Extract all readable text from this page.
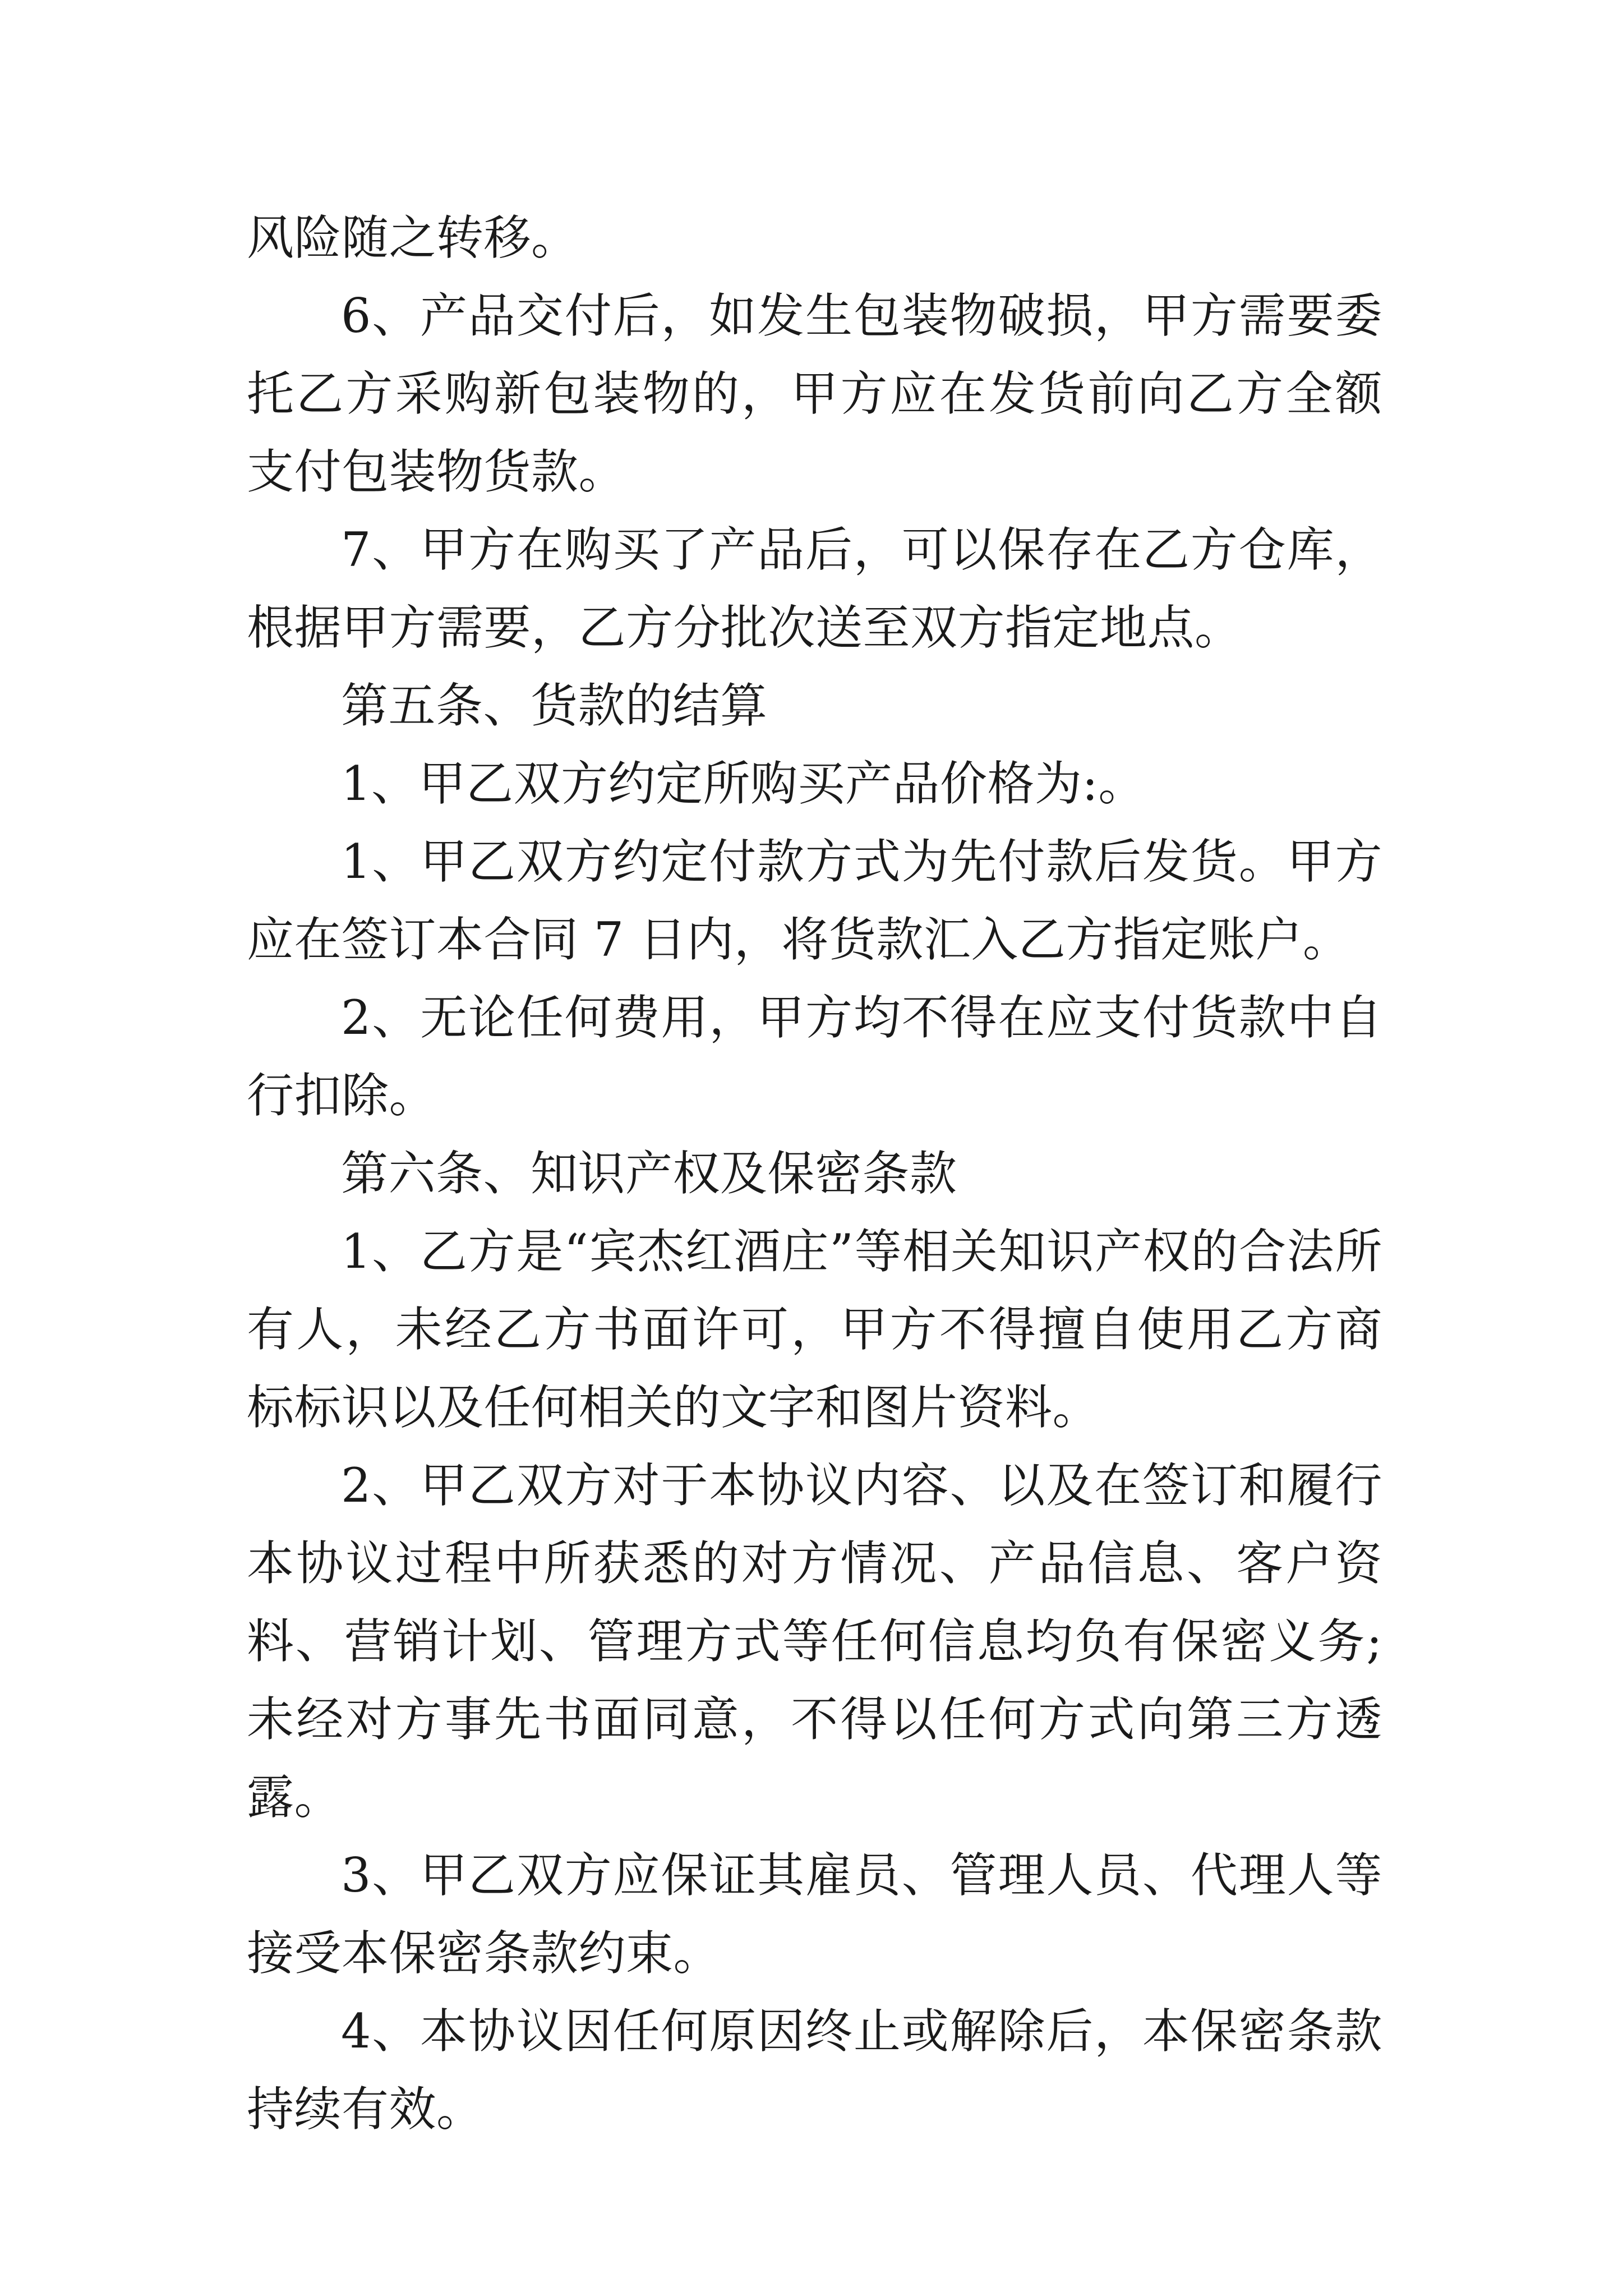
风险随之转移。

6、产品交付后，如发生包装物破损，甲方需要委托乙方采购新包装物的，甲方应在发货前向乙方全额支付包装物货款。

7、甲方在购买了产品后，可以保存在乙方仓库，根据甲方需要，乙方分批次送至双方指定地点。

第五条、货款的结算

1、甲乙双方约定所购买产品价格为:。

1、甲乙双方约定付款方式为先付款后发货。甲方应在签订本合同 7 日内，将货款汇入乙方指定账户。

2、无论任何费用，甲方均不得在应支付货款中自行扣除。

第六条、知识产权及保密条款

1、乙方是“宾杰红酒庄”等相关知识产权的合法所有人，未经乙方书面许可，甲方不得擅自使用乙方商标标识以及任何相关的文字和图片资料。

2、甲乙双方对于本协议内容、以及在签订和履行本协议过程中所获悉的对方情况、产品信息、客户资料、营销计划、管理方式等任何信息均负有保密义务;未经对方事先书面同意，不得以任何方式向第三方透露。

3、甲乙双方应保证其雇员、管理人员、代理人等接受本保密条款约束。

4、本协议因任何原因终止或解除后，本保密条款持续有效。
